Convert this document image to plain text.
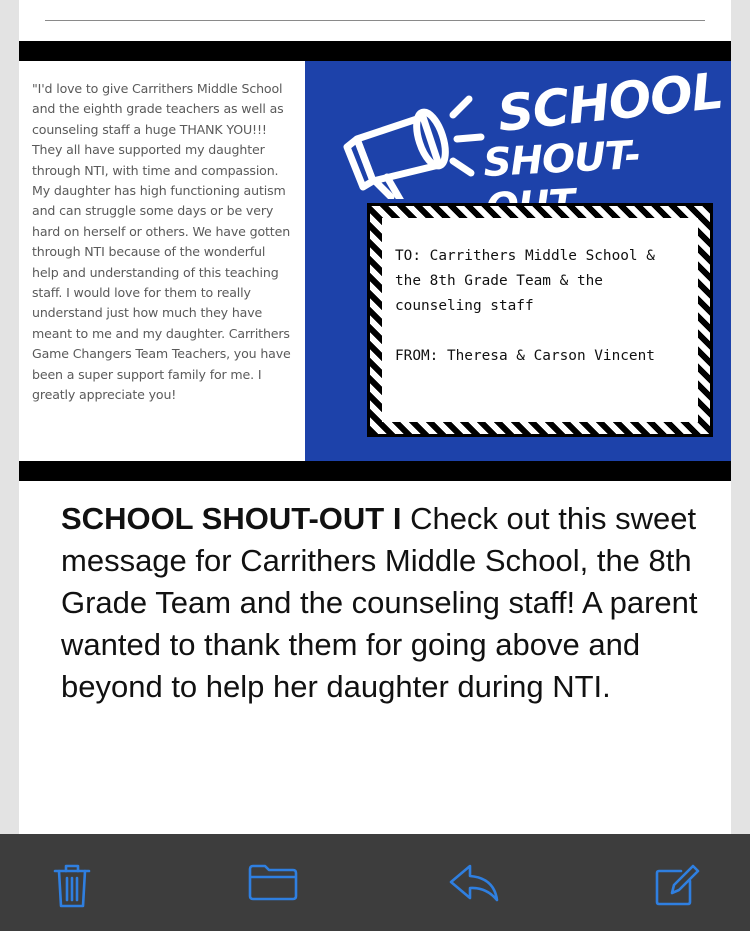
"I'd love to give Carrithers Middle School and the eighth grade teachers as well as counseling staff a huge THANK YOU!!! They all have supported my daughter through NTI, with time and compassion. My daughter has high functioning autism and can struggle some days or be very hard on herself or others. We have gotten through NTI because of the wonderful help and understanding of this teaching staff. I would love for them to really understand just how much they have meant to me and my daughter. Carrithers Game Changers Team Teachers, you have been a super support family for me. I greatly appreciate you!

SCHOOL
SHOUT-OUT

TO: Carrithers Middle School &

the 8th Grade Team & the

counseling staff

FROM: Theresa & Carson Vincent

SCHOOL SHOUT-OUT I Check out this sweet message for Carrithers Middle School, the 8th Grade Team and the counseling staff! A parent wanted to thank them for going above and beyond to help her daughter during NTI.
